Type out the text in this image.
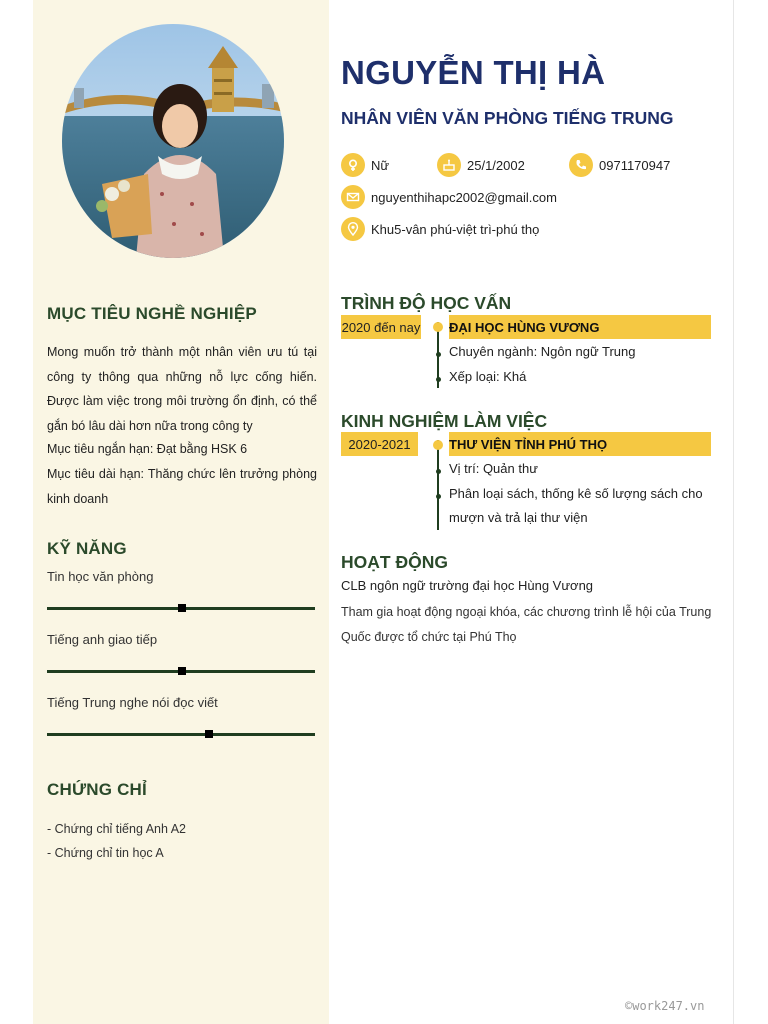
MỤC TIÊU NGHỀ NGHIỆP
Mong muốn trở thành một nhân viên ưu tú tại công ty thông qua những nỗ lực cống hiến. Được làm việc trong môi trường ổn định, có thể gắn bó lâu dài hơn nữa trong công ty
Mục tiêu ngắn hạn: Đạt bằng HSK 6
Mục tiêu dài hạn: Thăng chức lên trưởng phòng kinh doanh
KỸ NĂNG
Tin học văn phòng
Tiếng anh giao tiếp
Tiếng Trung nghe nói đọc viết
CHỨNG CHỈ
- Chứng chỉ tiếng Anh A2
- Chứng chỉ tin học A
NGUYỄN THỊ HÀ
NHÂN VIÊN VĂN PHÒNG TIẾNG TRUNG
Nữ	25/1/2002	0971170947
nguyenthihapc2002@gmail.com
Khu5-vân phú-việt trì-phú thọ
TRÌNH ĐỘ HỌC VẤN
2020 đến nay ĐẠI HỌC HÙNG VƯƠNG
Chuyên ngành: Ngôn ngữ Trung
Xếp loại: Khá
KINH NGHIỆM LÀM VIỆC
2020-2021	THƯ VIỆN TỈNH PHÚ THỌ
Vị trí: Quản thư
Phân loại sách, thống kê số lượng sách cho mượn và trả lại thư viện
HOẠT ĐỘNG
CLB ngôn ngữ trường đại học Hùng Vương
Tham gia hoạt động ngoại khóa, các chương trình lễ hội của Trung Quốc được tổ chức tại Phú Thọ
©work247.vn
